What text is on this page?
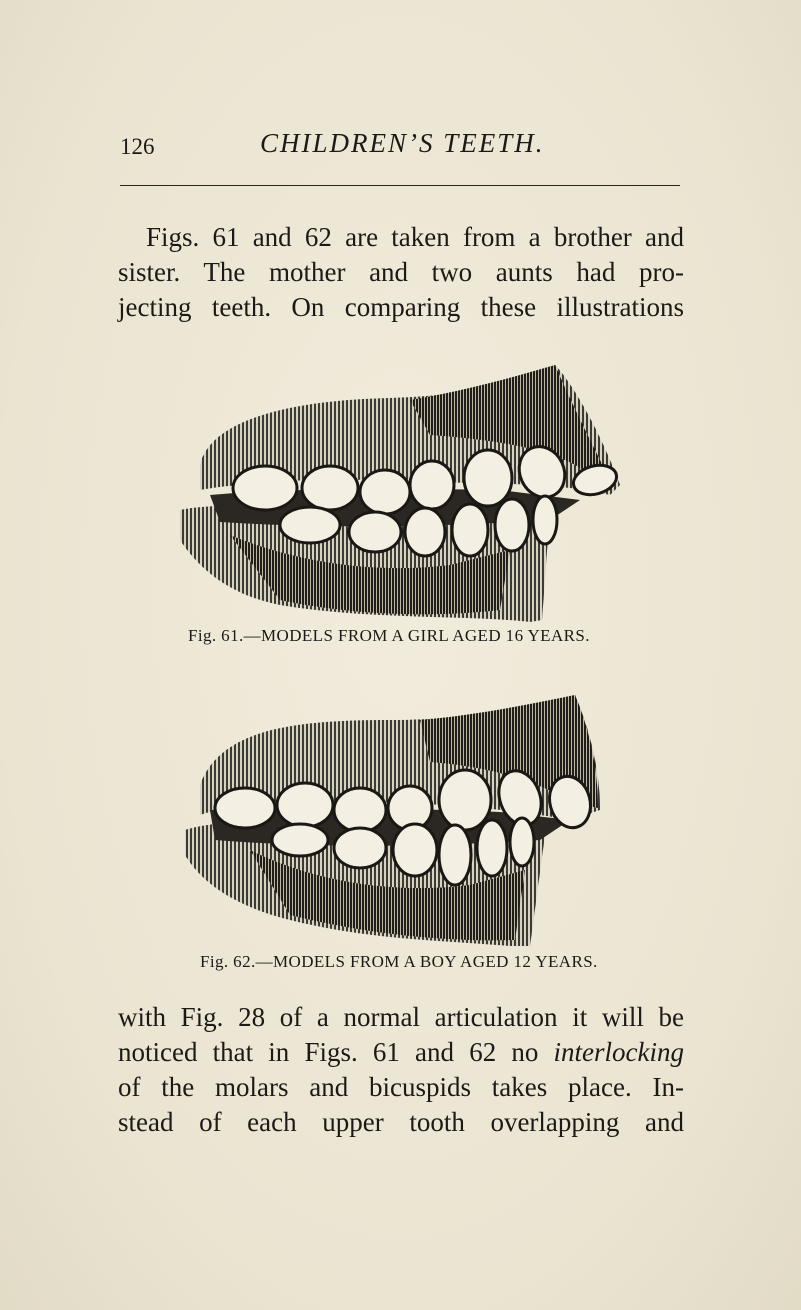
126	CHILDREN’S TEETH.
Figs. 61 and 62 are taken from a brother and
sister. The mother and two aunts had pro-
jecting teeth. On comparing these illustrations
Fig. 61.—MODELS FROM A GIRL AGED 16 YEARS.
Fig. 62.—MODELS FROM A BOY AGED 12 YEARS.
with Fig. 28 of a normal articulation it will be
noticed that in Figs. 61 and 62 no interlocking
of the molars and bicuspids takes place. In-
stead of each upper tooth overlapping and
